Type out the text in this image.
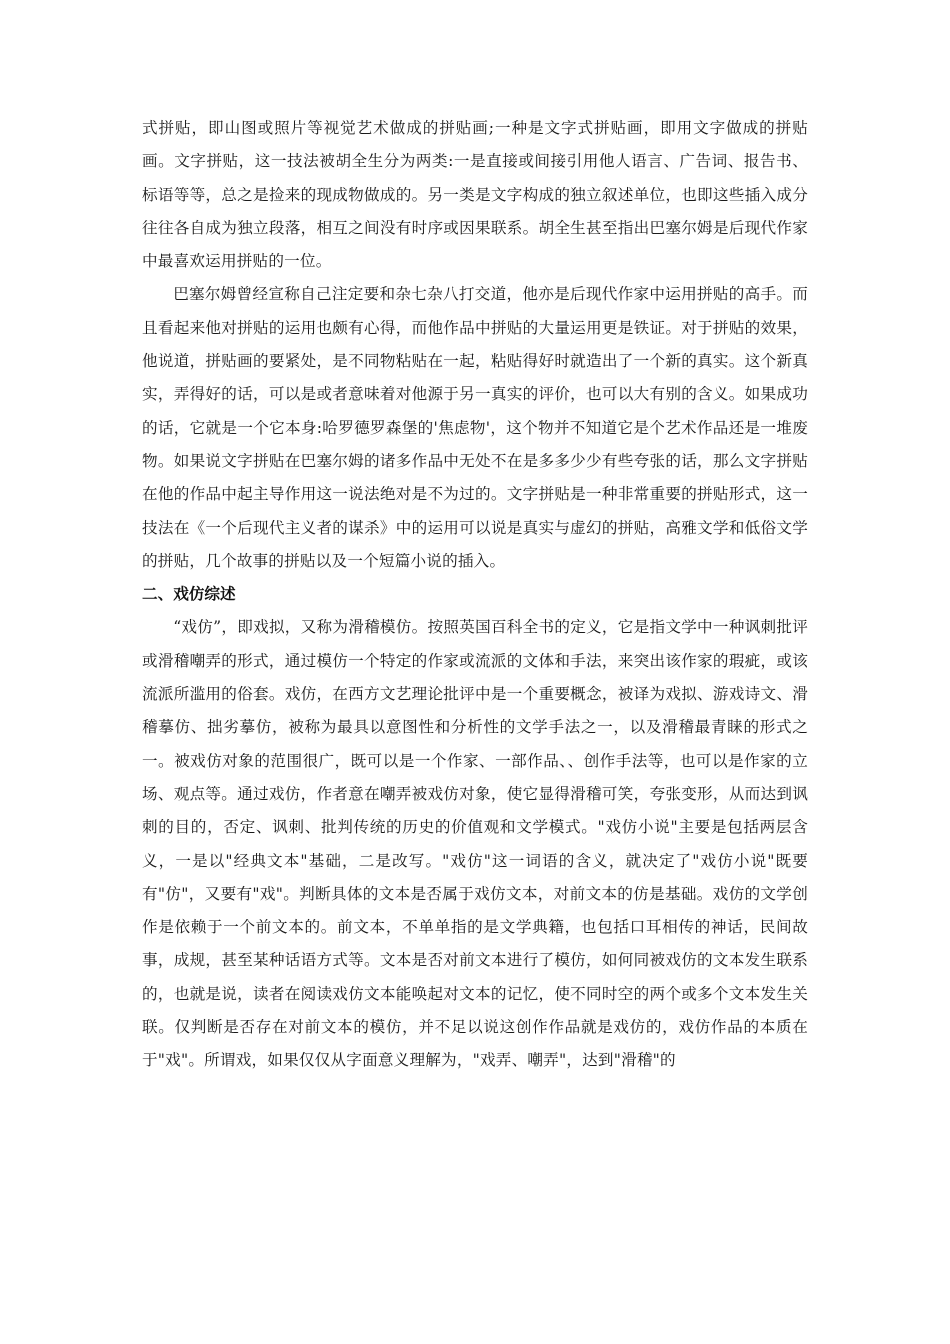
式拼贴，即山图或照片等视觉艺术做成的拼贴画;一种是文字式拼贴画，即用文字做成的拼贴画。文字拼贴，这一技法被胡全生分为两类:一是直接或间接引用他人语言、广告词、报告书、标语等等，总之是捡来的现成物做成的。另一类是文字构成的独立叙述单位，也即这些插入成分往往各自成为独立段落，相互之间没有时序或因果联系。胡全生甚至指出巴塞尔姆是后现代作家中最喜欢运用拼贴的一位。

巴塞尔姆曾经宣称自己注定要和杂七杂八打交道，他亦是后现代作家中运用拼贴的高手。而且看起来他对拼贴的运用也颇有心得，而他作品中拼贴的大量运用更是铁证。对于拼贴的效果，他说道，拼贴画的要紧处，是不同物粘贴在一起，粘贴得好时就造出了一个新的真实。这个新真实，弄得好的话，可以是或者意味着对他源于另一真实的评价，也可以大有别的含义。如果成功的话，它就是一个它本身:哈罗德罗森堡的'焦虑物'，这个物并不知道它是个艺术作品还是一堆废物。如果说文字拼贴在巴塞尔姆的诸多作品中无处不在是多多少少有些夸张的话，那么文字拼贴在他的作品中起主导作用这一说法绝对是不为过的。文字拼贴是一种非常重要的拼贴形式，这一技法在《一个后现代主义者的谋杀》中的运用可以说是真实与虚幻的拼贴，高雅文学和低俗文学的拼贴，几个故事的拼贴以及一个短篇小说的插入。

二、戏仿综述

“戏仿”，即戏拟，又称为滑稽模仿。按照英国百科全书的定义，它是指文学中一种讽刺批评或滑稽嘲弄的形式，通过模仿一个特定的作家或流派的文体和手法，来突出该作家的瑕疵，或该流派所滥用的俗套。戏仿，在西方文艺理论批评中是一个重要概念，被译为戏拟、游戏诗文、滑稽摹仿、拙劣摹仿，被称为最具以意图性和分析性的文学手法之一，以及滑稽最青睐的形式之一。被戏仿对象的范围很广，既可以是一个作家、一部作品、、创作手法等，也可以是作家的立场、观点等。通过戏仿，作者意在嘲弄被戏仿对象，使它显得滑稽可笑，夸张变形，从而达到讽刺的目的，否定、讽刺、批判传统的历史的价值观和文学模式。"戏仿小说"主要是包括两层含义，一是以"经典文本"基础，二是改写。"戏仿"这一词语的含义，就决定了"戏仿小说"既要有"仿"，又要有"戏"。判断具体的文本是否属于戏仿文本，对前文本的仿是基础。戏仿的文学创作是依赖于一个前文本的。前文本，不单单指的是文学典籍，也包括口耳相传的神话，民间故事，成规，甚至某种话语方式等。文本是否对前文本进行了模仿，如何同被戏仿的文本发生联系的，也就是说，读者在阅读戏仿文本能唤起对文本的记忆，使不同时空的两个或多个文本发生关联。仅判断是否存在对前文本的模仿，并不足以说这创作作品就是戏仿的，戏仿作品的本质在于"戏"。所谓戏，如果仅仅从字面意义理解为，"戏弄、嘲弄"，达到"滑稽"的
